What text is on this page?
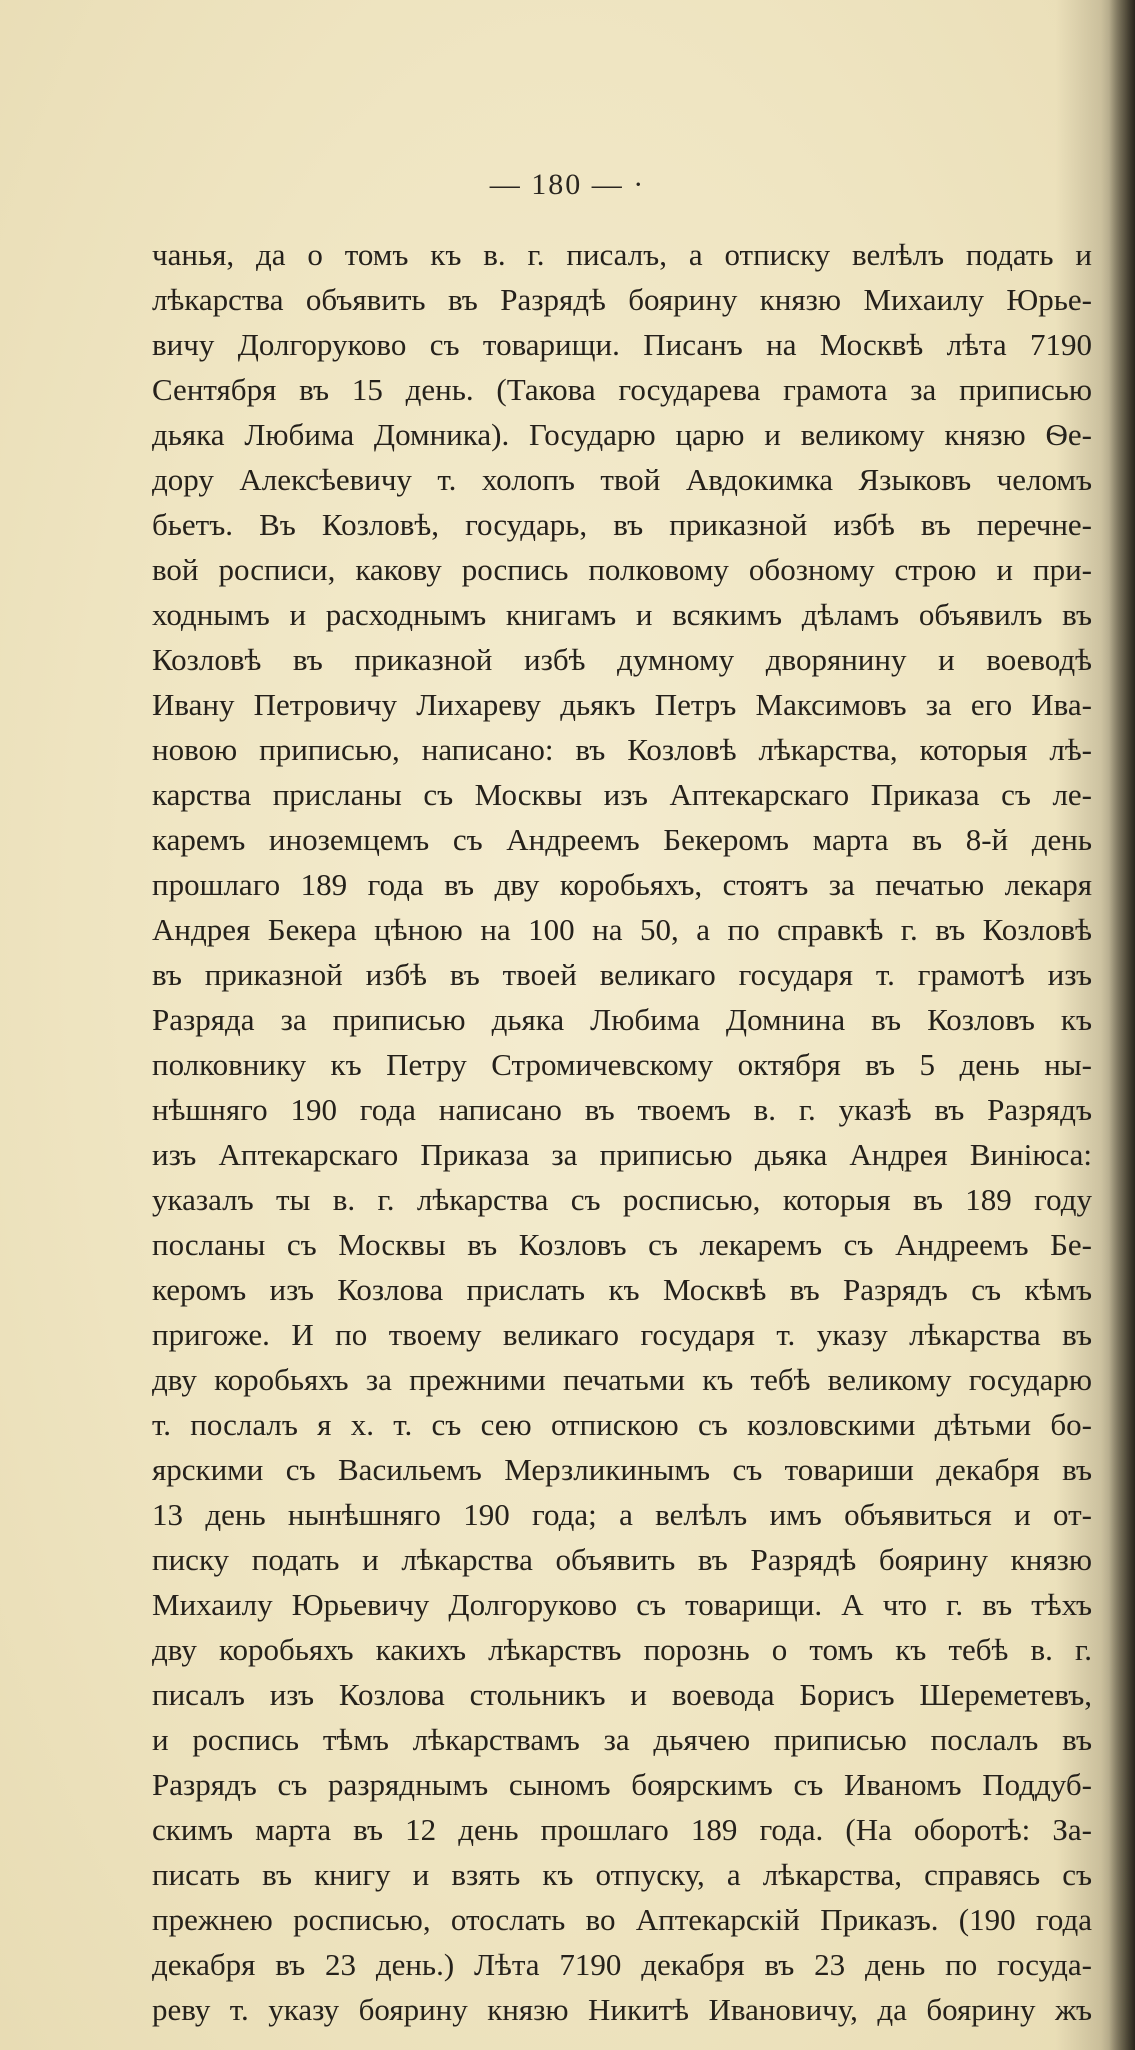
— 180 — ·
чанья, да о томъ къ в. г. писалъ, а отписку велѣлъ подать и
лѣкарства объявить въ Разрядѣ боярину князю Михаилу Юрье-
вичу Долгоруково съ товарищи. Писанъ на Москвѣ лѣта 7190
Сентября въ 15 день. (Такова государева грамота за приписью
дьяка Любима Домника). Государю царю и великому князю Ѳе-
дору Алексѣевичу т. холопъ твой Авдокимка Языковъ челомъ
бьетъ. Въ Козловѣ, государь, въ приказной избѣ въ перечне-
вой росписи, какову роспись полковому обозному строю и при-
ходнымъ и расходнымъ книгамъ и всякимъ дѣламъ объявилъ въ
Козловѣ въ приказной избѣ думному дворянину и воеводѣ
Ивану Петровичу Лихареву дьякъ Петръ Максимовъ за его Ива-
новою приписью, написано: въ Козловѣ лѣкарства, которыя лѣ-
карства присланы съ Москвы изъ Аптекарскаго Приказа съ ле-
каремъ иноземцемъ съ Андреемъ Бекеромъ марта въ 8-й день
прошлаго 189 года въ дву коробьяхъ, стоятъ за печатью лекаря
Андрея Бекера цѣною на 100 на 50, а по справкѣ г. въ Козловѣ
въ приказной избѣ въ твоей великаго государя т. грамотѣ изъ
Разряда за приписью дьяка Любима Домнина въ Козловъ къ
полковнику къ Петру Стромичевскому октября въ 5 день ны-
нѣшняго 190 года написано въ твоемъ в. г. указѣ въ Разрядъ
изъ Аптекарскаго Приказа за приписью дьяка Андрея Виніюса:
указалъ ты в. г. лѣкарства съ росписью, которыя въ 189 году
посланы съ Москвы въ Козловъ съ лекаремъ съ Андреемъ Бе-
керомъ изъ Козлова прислать къ Москвѣ въ Разрядъ съ кѣмъ
пригоже. И по твоему великаго государя т. указу лѣкарства въ
дву коробьяхъ за прежними печатьми къ тебѣ великому государю
т. послалъ я х. т. съ сею отпискою съ козловскими дѣтьми бо-
ярскими съ Васильемъ Мерзликинымъ съ товариши декабря въ
13 день нынѣшняго 190 года; а велѣлъ имъ объявиться и от-
писку подать и лѣкарства объявить въ Разрядѣ боярину князю
Михаилу Юрьевичу Долгоруково съ товарищи. А что г. въ тѣхъ
дву коробьяхъ какихъ лѣкарствъ порознь о томъ къ тебѣ в. г.
писалъ изъ Козлова стольникъ и воевода Борисъ Шереметевъ,
и роспись тѣмъ лѣкарствамъ за дьячею приписью послалъ въ
Разрядъ съ разряднымъ сыномъ боярскимъ съ Иваномъ Поддуб-
скимъ марта въ 12 день прошлаго 189 года. (На оборотѣ: За-
писать въ книгу и взять къ отпуску, а лѣкарства, справясь съ
прежнею росписью, отослать во Аптекарскій Приказъ. (190 года
декабря въ 23 день.) Лѣта 7190 декабря въ 23 день по госуда-
реву т. указу боярину князю Никитѣ Ивановичу, да боярину жъ
